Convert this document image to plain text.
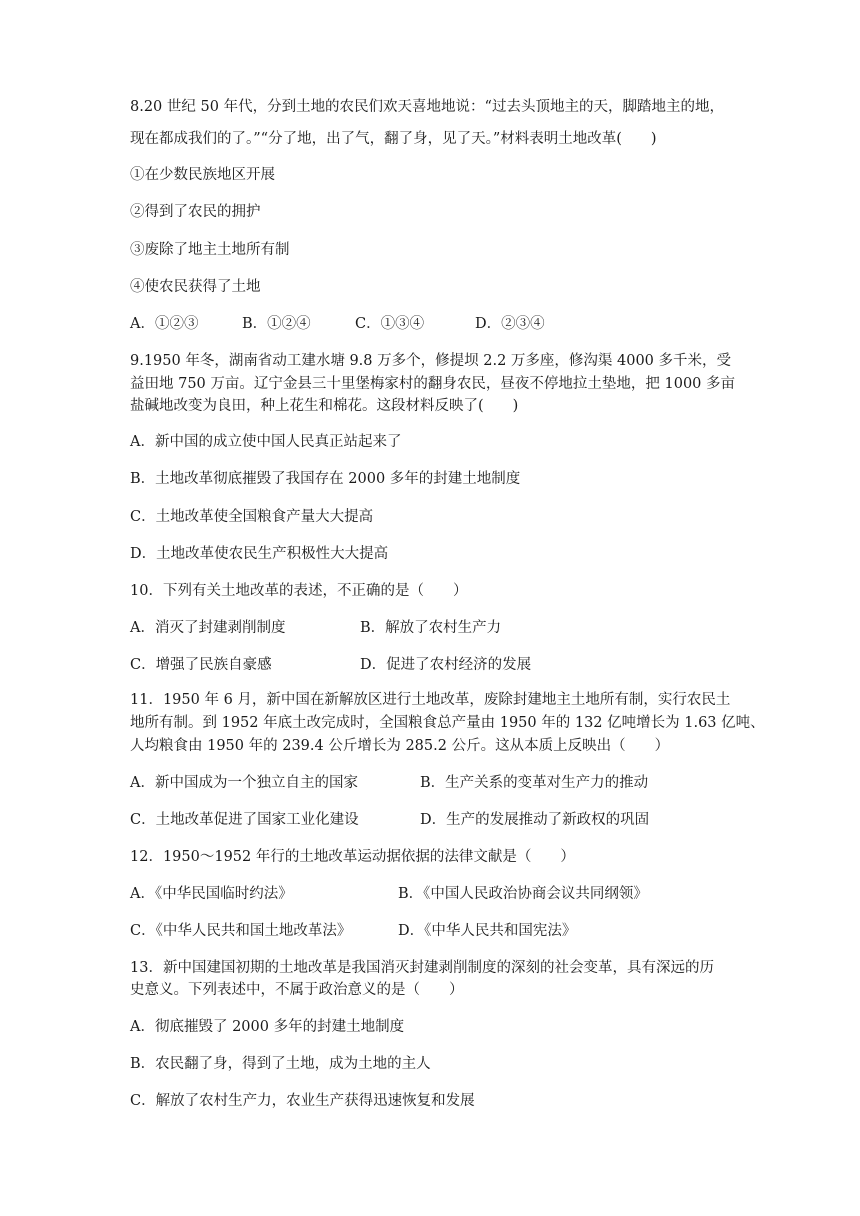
8.20 世纪 50 年代，分到土地的农民们欢天喜地地说：“过去头顶地主的天，脚踏地主的地，
现在都成我们的了。”“分了地，出了气，翻了身，见了天。”材料表明土地改革(　　)
①在少数民族地区开展
②得到了农民的拥护
③废除了地主土地所有制
④使农民获得了土地
A．①②③	B．①②④	C．①③④	D．②③④
9.1950 年冬，湖南省动工建水塘 9.8 万多个，修提坝 2.2 万多座，修沟渠 4000 多千米，受
益田地 750 万亩。辽宁金县三十里堡梅家村的翻身农民，昼夜不停地拉土垫地，把 1000 多亩
盐碱地改变为良田，种上花生和棉花。这段材料反映了(　　)
A．新中国的成立使中国人民真正站起来了
B．土地改革彻底摧毁了我国存在 2000 多年的封建土地制度
C．土地改革使全国粮食产量大大提高
D．土地改革使农民生产积极性大大提高
10．下列有关土地改革的表述，不正确的是（　　）
A．消灭了封建剥削制度	B．解放了农村生产力
C．增强了民族自豪感	D．促进了农村经济的发展
11．1950 年 6 月，新中国在新解放区进行土地改革，废除封建地主土地所有制，实行农民土
地所有制。到 1952 年底土改完成时，全国粮食总产量由 1950 年的 132 亿吨增长为 1.63 亿吨、
人均粮食由 1950 年的 239.4 公斤增长为 285.2 公斤。这从本质上反映出（　　）
A．新中国成为一个独立自主的国家	B．生产关系的变革对生产力的推动
C．土地改革促进了国家工业化建设	D．生产的发展推动了新政权的巩固
12．1950～1952 年行的土地改革运动据依据的法律文献是（　　）
A．《中华民国临时约法》	B．《中国人民政治协商会议共同纲领》
C．《中华人民共和国土地改革法》	D．《中华人民共和国宪法》
13．新中国建国初期的土地改革是我国消灭封建剥削制度的深刻的社会变革，具有深远的历
史意义。下列表述中，不属于政治意义的是（　　）
A．彻底摧毁了 2000 多年的封建土地制度
B．农民翻了身，得到了土地，成为土地的主人
C．解放了农村生产力，农业生产获得迅速恢复和发展
